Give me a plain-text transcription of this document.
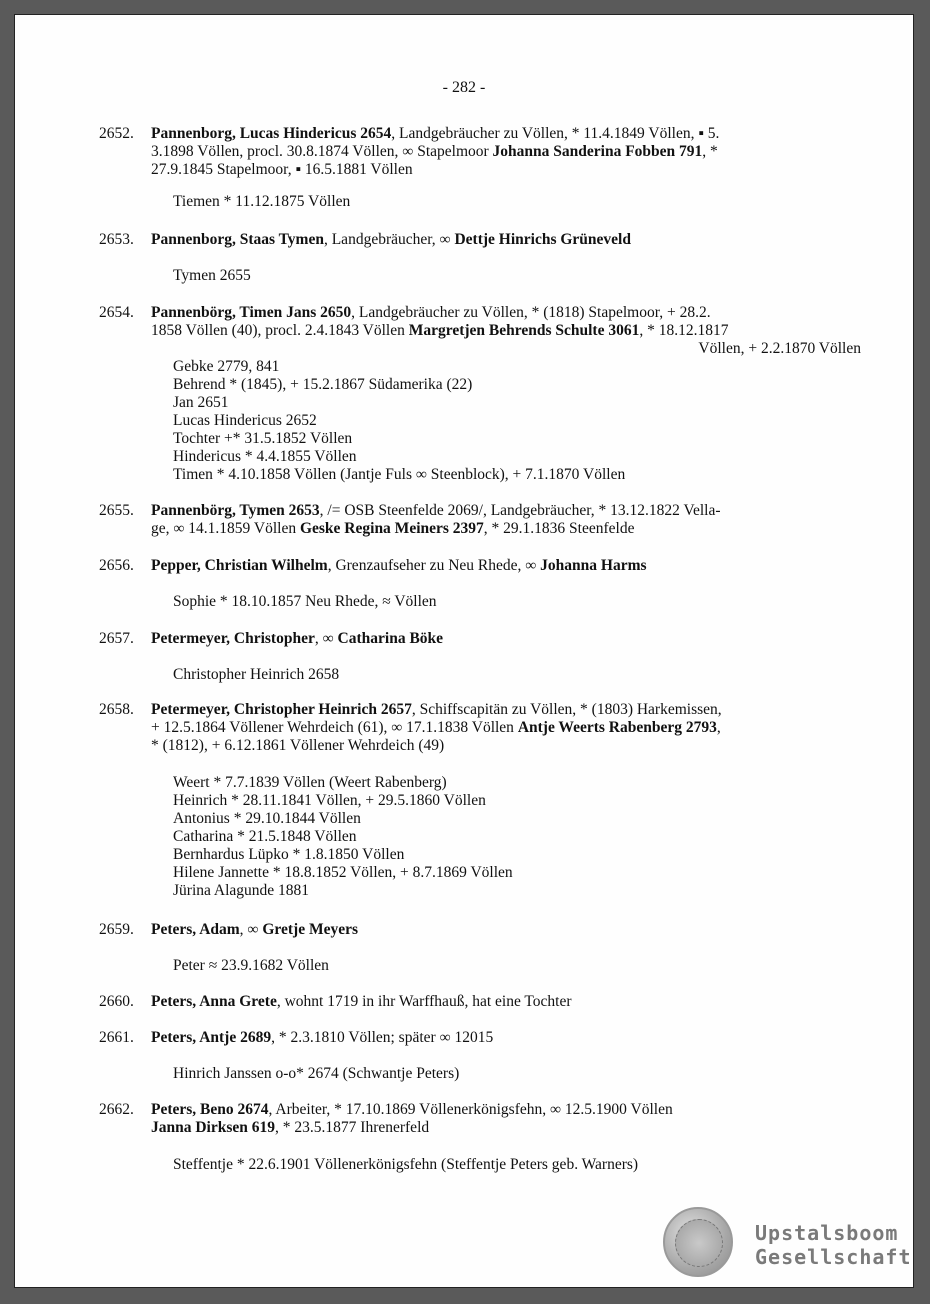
- 282 -
2652.	Pannenborg, Lucas Hindericus 2654, Landgebräucher zu Völlen, * 11.4.1849 Völlen, ▪ 5.
3.1898 Völlen, procl. 30.8.1874 Völlen, ∞ Stapelmoor Johanna Sanderina Fobben 791, *
27.9.1845 Stapelmoor, ▪ 16.5.1881 Völlen
2653.	Pannenborg, Staas Tymen, Landgebräucher, ∞ Dettje Hinrichs Grüneveld
2654.	Pannenbörg, Timen Jans 2650, Landgebräucher zu Völlen, * (1818) Stapelmoor, + 28.2.
1858 Völlen (40), procl. 2.4.1843 Völlen Margretjen Behrends Schulte 3061, * 18.12.1817
Völlen, + 2.2.1870 Völlen
2655.	Pannenbörg, Tymen 2653, /= OSB Steenfelde 2069/, Landgebräucher, * 13.12.1822 Vella-
ge, ∞ 14.1.1859 Völlen Geske Regina Meiners 2397, * 29.1.1836 Steenfelde
2656.	Pepper, Christian Wilhelm, Grenzaufseher zu Neu Rhede, ∞ Johanna Harms
2657.	Petermeyer, Christopher, ∞ Catharina Böke
2658.	Petermeyer, Christopher Heinrich 2657, Schiffscapitän zu Völlen, * (1803) Harkemissen,
+ 12.5.1864 Völlener Wehrdeich (61), ∞ 17.1.1838 Völlen Antje Weerts Rabenberg 2793,
* (1812), + 6.12.1861 Völlener Wehrdeich (49)
2659.	Peters, Adam, ∞ Gretje Meyers
2660.	Peters, Anna Grete, wohnt 1719 in ihr Warffhauß, hat eine Tochter
2661.	Peters, Antje 2689, * 2.3.1810 Völlen; später ∞ 12015
2662.	Peters, Beno 2674, Arbeiter, * 17.10.1869 Völlenerkönigsfehn, ∞ 12.5.1900 Völlen
Janna Dirksen 619, * 23.5.1877 Ihrenerfeld
Upstalsboom
Gesellschaft
Tiemen * 11.12.1875 Völlen
Tymen 2655
Gebke 2779, 841
Behrend * (1845), + 15.2.1867 Südamerika (22)
Jan 2651
Lucas Hindericus 2652
Tochter +* 31.5.1852 Völlen
Hindericus * 4.4.1855 Völlen
Timen * 4.10.1858 Völlen (Jantje Fuls ∞ Steenblock), + 7.1.1870 Völlen
Sophie * 18.10.1857 Neu Rhede, ≈ Völlen
Christopher Heinrich 2658
Weert * 7.7.1839 Völlen (Weert Rabenberg)
Heinrich * 28.11.1841 Völlen, + 29.5.1860 Völlen
Antonius * 29.10.1844 Völlen
Catharina * 21.5.1848 Völlen
Bernhardus Lüpko * 1.8.1850 Völlen
Hilene Jannette * 18.8.1852 Völlen, + 8.7.1869 Völlen
Jürina Alagunde 1881
Peter ≈ 23.9.1682 Völlen
Hinrich Janssen o-o* 2674 (Schwantje Peters)
Steffentje * 22.6.1901 Völlenerkönigsfehn (Steffentje Peters geb. Warners)
